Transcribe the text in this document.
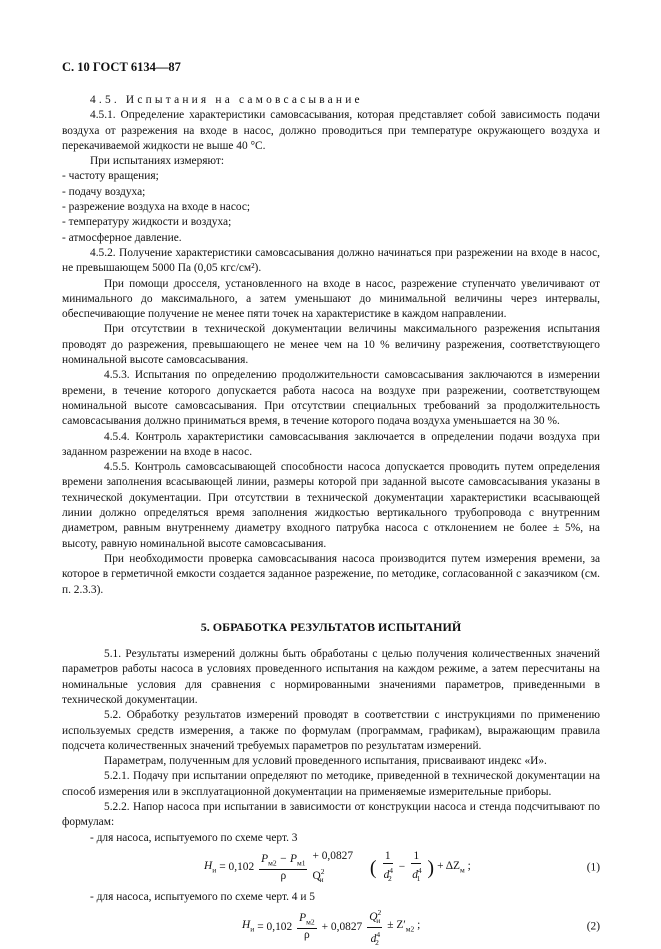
С. 10 ГОСТ 6134—87

4.5. Испытания на самовсасывание

4.5.1. Определение характеристики самовсасывания, которая представляет собой зависимость подачи воздуха от разрежения на входе в насос, должно проводиться при температуре окружающего воздуха и перекачиваемой жидкости не выше 40 °С.

При испытаниях измеряют:

- частоту вращения;

- подачу воздуха;

- разрежение воздуха на входе в насос;

- температуру жидкости и воздуха;

- атмосферное давление.

4.5.2. Получение характеристики самовсасывания должно начинаться при разрежении на входе в насос, не превышающем 5000 Па (0,05 кгс/см²).

При помощи дросселя, установленного на входе в насос, разрежение ступенчато увеличивают от минимального до максимального, а затем уменьшают до минимальной величины через интервалы, обеспечивающие получение не менее пяти точек на характеристике в каждом направлении.

При отсутствии в технической документации величины максимального разрежения испытания проводят до разрежения, превышающего не менее чем на 10 % величину разрежения, соответствующего номинальной высоте самовсасывания.

4.5.3. Испытания по определению продолжительности самовсасывания заключаются в измерении времени, в течение которого допускается работа насоса на воздухе при разрежении, соответствующем номинальной высоте самовсасывания. При отсутствии специальных требований за продолжительность самовсасывания должно приниматься время, в течение которого подача воздуха уменьшается на 30 %.

4.5.4. Контроль характеристики самовсасывания заключается в определении подачи воздуха при заданном разрежении на входе в насос.

4.5.5. Контроль самовсасывающей способности насоса допускается проводить путем определения времени заполнения всасывающей линии, размеры которой при заданной высоте самовсасывания указаны в технической документации. При отсутствии в технической документации характеристики всасывающей линии должно определяться время заполнения жидкостью вертикального трубопровода с внутренним диаметром, равным внутреннему диаметру входного патрубка насоса с отклонением не более ± 5%, на высоту, равную номинальной высоте самовсасывания.

При необходимости проверка самовсасывания насоса производится путем измерения времени, за которое в герметичной емкости создается заданное разрежение, по методике, согласованной с заказчиком (см. п. 2.3.3).

5. ОБРАБОТКА РЕЗУЛЬТАТОВ ИСПЫТАНИЙ

5.1. Результаты измерений должны быть обработаны с целью получения количественных значений параметров работы насоса в условиях проведенного испытания на каждом режиме, а затем пересчитаны на номинальные условия для сравнения с нормированными значениями параметров, приведенными в технической документации.

5.2. Обработку результатов измерений проводят в соответствии с инструкциями по применению используемых средств измерения, а также по формулам (программам, графикам), выражающим правила подсчета количественных значений требуемых параметров по результатам измерений.

Параметрам, полученным для условий проведенного испытания, присваивают индекс «И».

5.2.1. Подачу при испытании определяют по методике, приведенной в технической документации на способ измерения или в эксплуатационной документации на применяемые измерительные приборы.

5.2.2. Напор насоса при испытании в зависимости от конструкции насоса и стенда подсчитывают по формулам:

- для насоса, испытуемого по схеме черт. 3

$H_и = 0,102 \frac{P_{м2} - P_{м1}}{\rho} + 0,0827$ $Q^2_и$
( $\frac{1}{d^4_2} - \frac{1}{d^4_1}$ ) + $\Delta Z_м$ ;	(1)

- для насоса, испытуемого по схеме черт. 4 и 5

$H_и = 0,102 \frac{P_{м2}}{\rho} + 0,0827 \frac{Q^2_и}{d^4_2} \pm Z'_{м2}$ ;	(2)
